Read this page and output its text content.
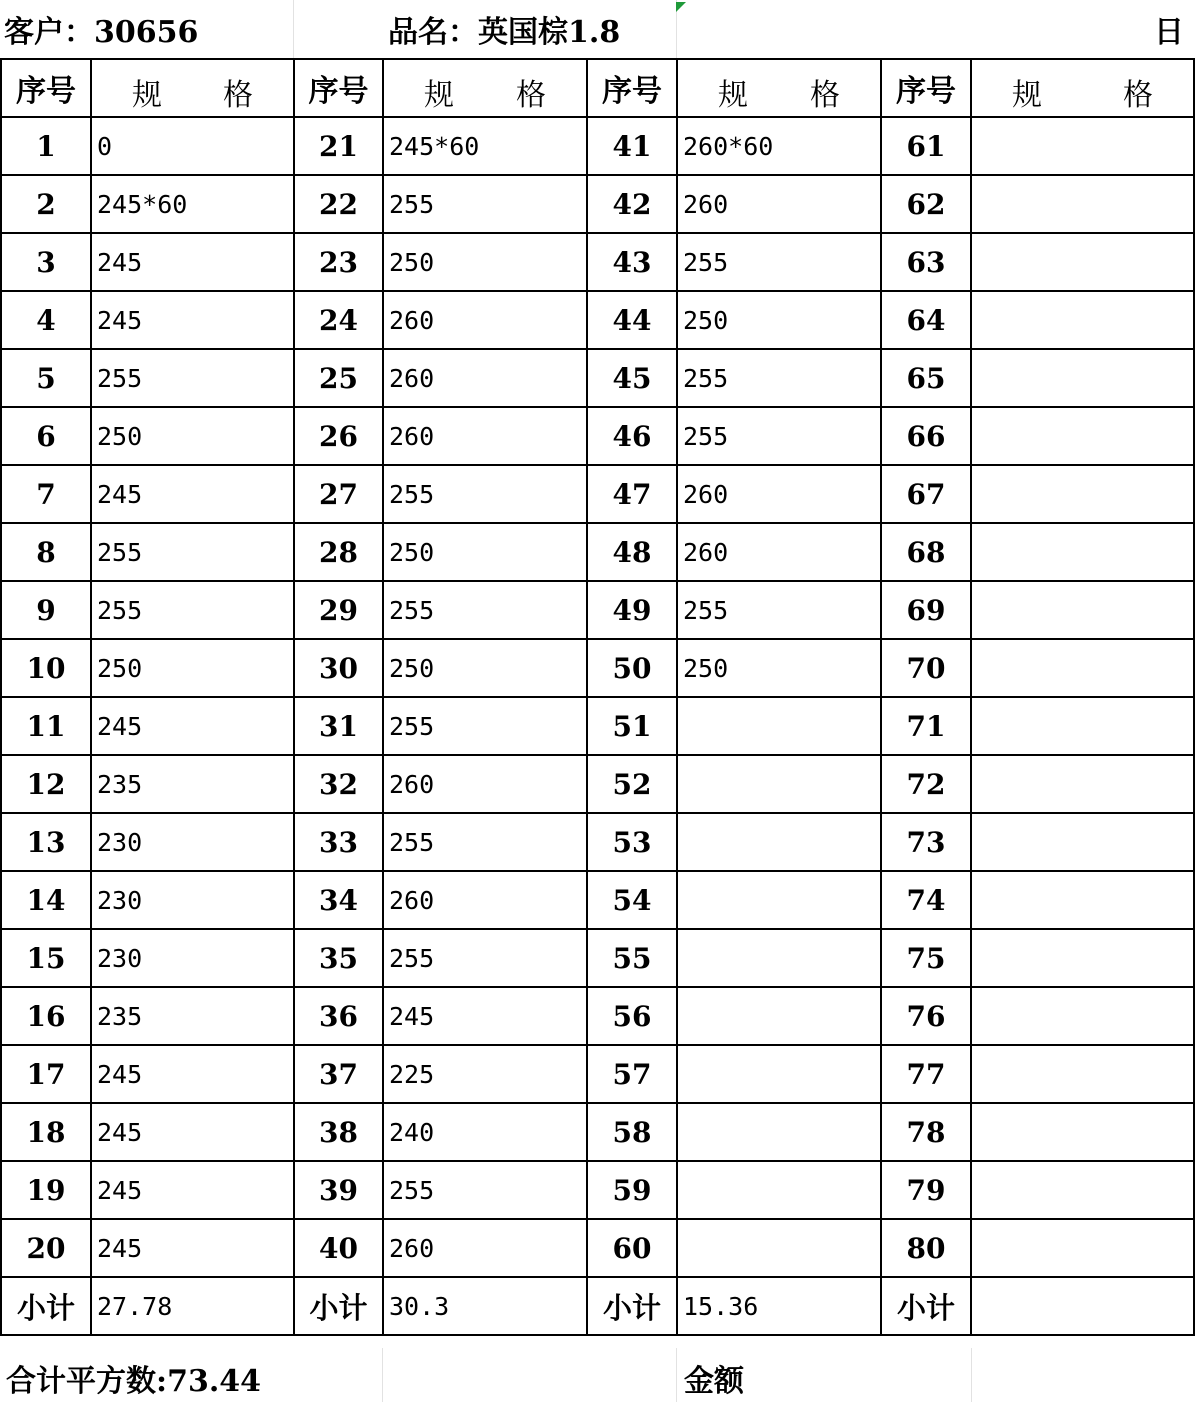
客户：30656	品名：英国棕1.8	日
序号	规 格	序号	规 格	序号	规 格	序号	规 格

1	0	21	245*60	41	260*60	61	
2	245*60	22	255	42	260	62	
3	245	23	250	43	255	63	
4	245	24	260	44	250	64	
5	255	25	260	45	255	65	
6	250	26	260	46	255	66	
7	245	27	255	47	260	67	
8	255	28	250	48	260	68	
9	255	29	255	49	255	69	
10	250	30	250	50	250	70	
11	245	31	255	51		71	
12	235	32	260	52		72	
13	230	33	255	53		73	
14	230	34	260	54		74	
15	230	35	255	55		75	
16	235	36	245	56		76	
17	245	37	225	57		77	
18	245	38	240	58		78	
19	245	39	255	59		79	
20	245	40	260	60		80	
小计	27.78	小计	30.3	小计	15.36	小计	
合计平方数:73.44	金额
